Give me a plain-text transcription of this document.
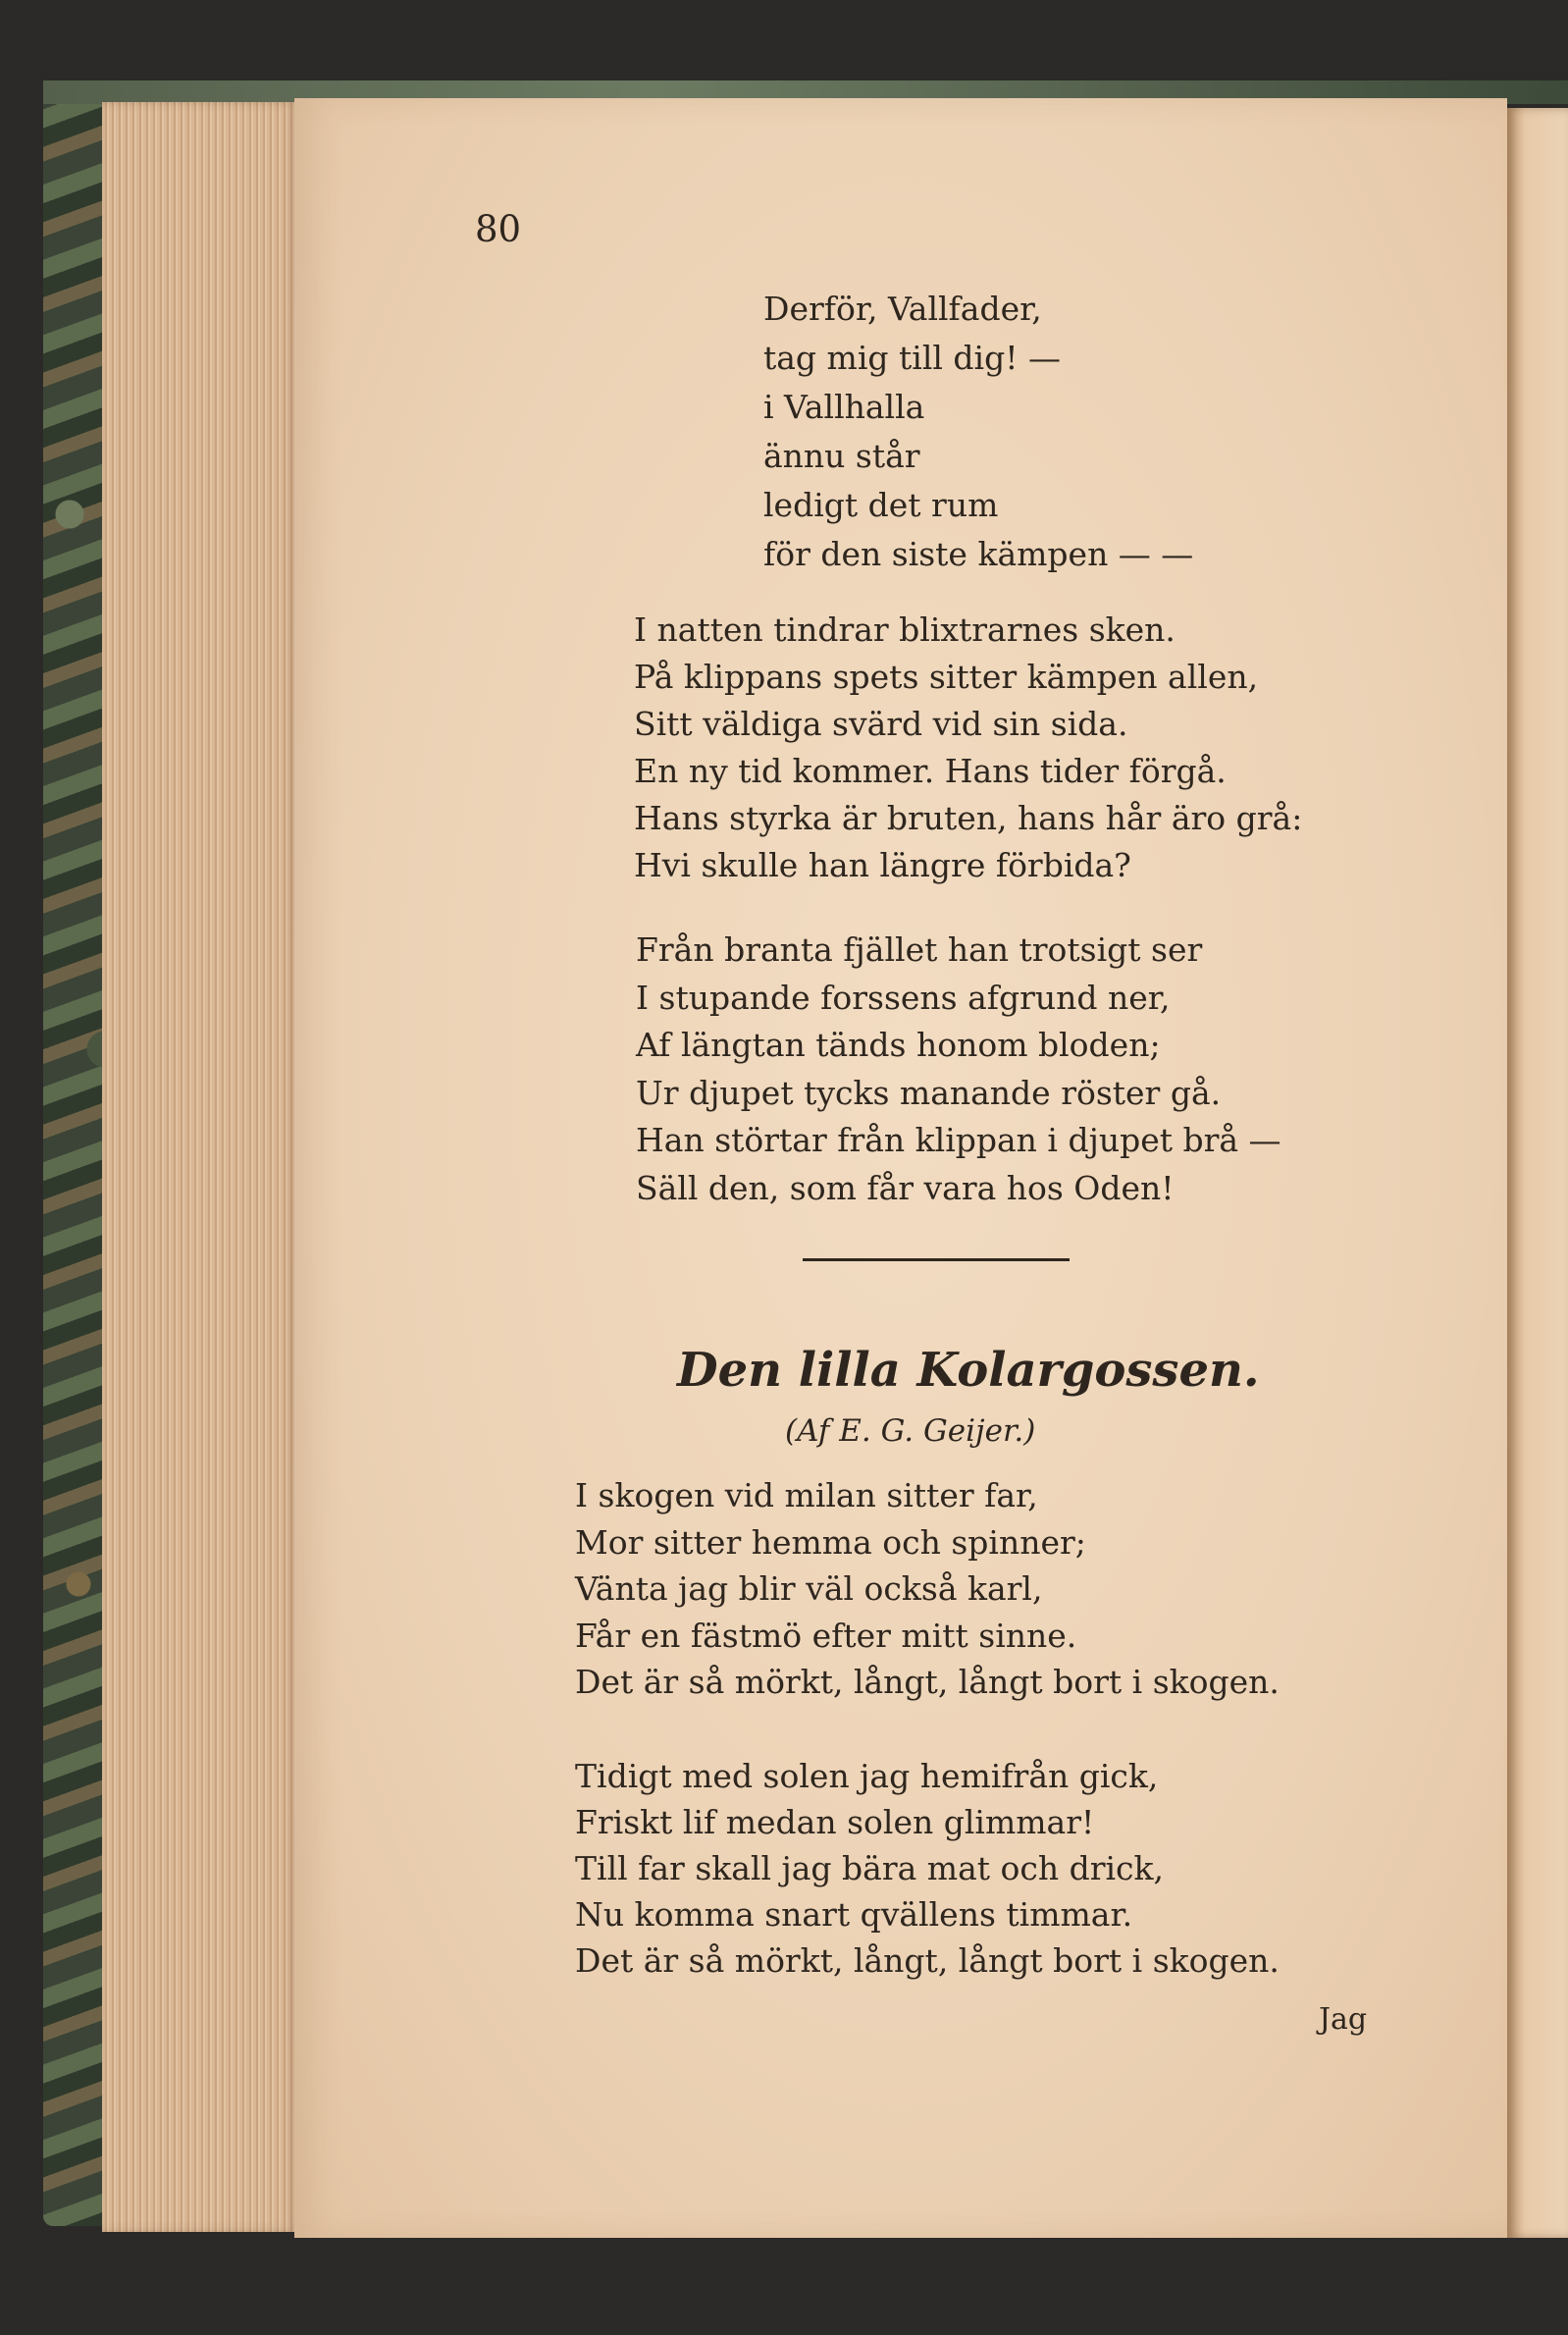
80
Derför, Vallfader,
tag mig till dig! —
i Vallhalla
ännu står
ledigt det rum
för den siste kämpen — —
I natten tindrar blixtrarnes sken.
På klippans spets sitter kämpen allen,
Sitt väldiga svärd vid sin sida.
En ny tid kommer. Hans tider förgå.
Hans styrka är bruten, hans hår äro grå:
Hvi skulle han längre förbida?
Från branta fjället han trotsigt ser
I stupande forssens afgrund ner,
Af längtan tänds honom bloden;
Ur djupet tycks manande röster gå.
Han störtar från klippan i djupet brå —
Säll den, som får vara hos Oden!
Den lilla Kolargossen.
(Af E. G. Geijer.)
I skogen vid milan sitter far,
Mor sitter hemma och spinner;
Vänta jag blir väl också karl,
Får en fästmö efter mitt sinne.
Det är så mörkt, långt, långt bort i skogen.
Tidigt med solen jag hemifrån gick,
Friskt lif medan solen glimmar!
Till far skall jag bära mat och drick,
Nu komma snart qvällens timmar.
Det är så mörkt, långt, långt bort i skogen.
Jag
